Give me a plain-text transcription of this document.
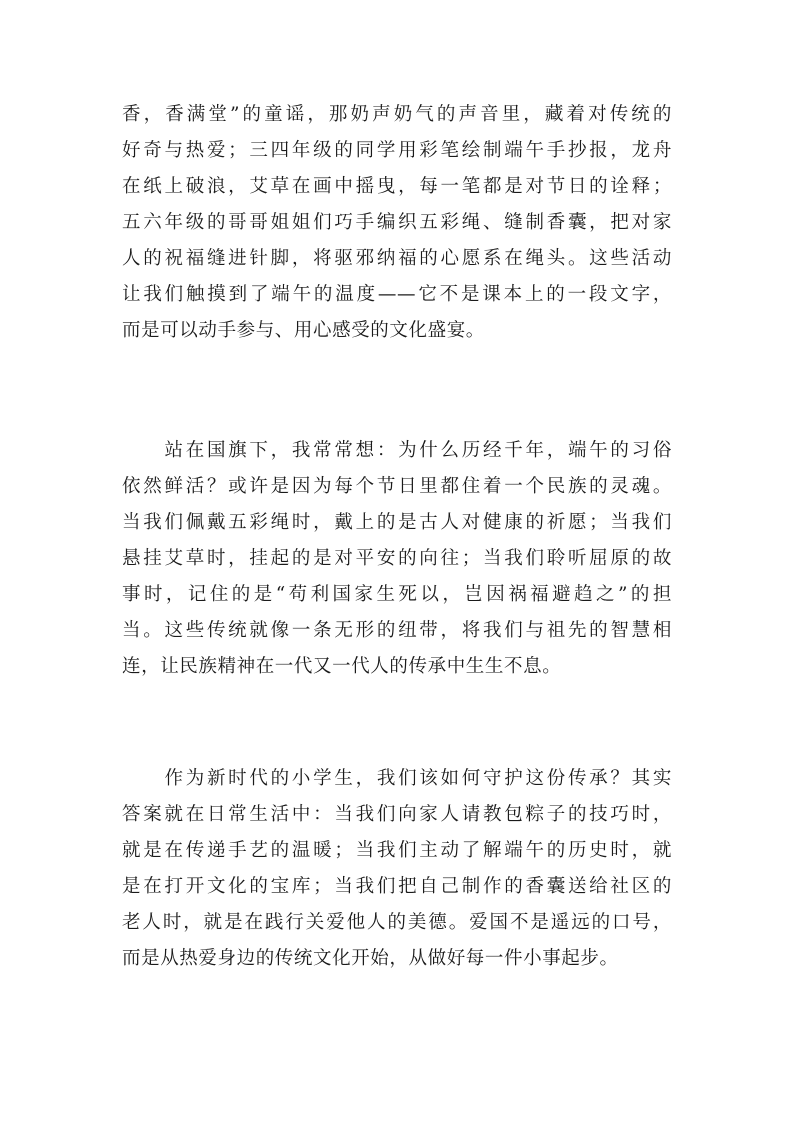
香，香满堂”的童谣，那奶声奶气的声音里，藏着对传统的
好奇与热爱；三四年级的同学用彩笔绘制端午手抄报，龙舟
在纸上破浪，艾草在画中摇曳，每一笔都是对节日的诠释；
五六年级的哥哥姐姐们巧手编织五彩绳、缝制香囊，把对家
人的祝福缝进针脚，将驱邪纳福的心愿系在绳头。这些活动
让我们触摸到了端午的温度——它不是课本上的一段文字，
而是可以动手参与、用心感受的文化盛宴。
　　站在国旗下，我常常想：为什么历经千年，端午的习俗
依然鲜活？或许是因为每个节日里都住着一个民族的灵魂。
当我们佩戴五彩绳时，戴上的是古人对健康的祈愿；当我们
悬挂艾草时，挂起的是对平安的向往；当我们聆听屈原的故
事时，记住的是“苟利国家生死以，岂因祸福避趋之”的担
当。这些传统就像一条无形的纽带，将我们与祖先的智慧相
连，让民族精神在一代又一代人的传承中生生不息。
　　作为新时代的小学生，我们该如何守护这份传承？其实
答案就在日常生活中：当我们向家人请教包粽子的技巧时，
就是在传递手艺的温暖；当我们主动了解端午的历史时，就
是在打开文化的宝库；当我们把自己制作的香囊送给社区的
老人时，就是在践行关爱他人的美德。爱国不是遥远的口号，
而是从热爱身边的传统文化开始，从做好每一件小事起步。
